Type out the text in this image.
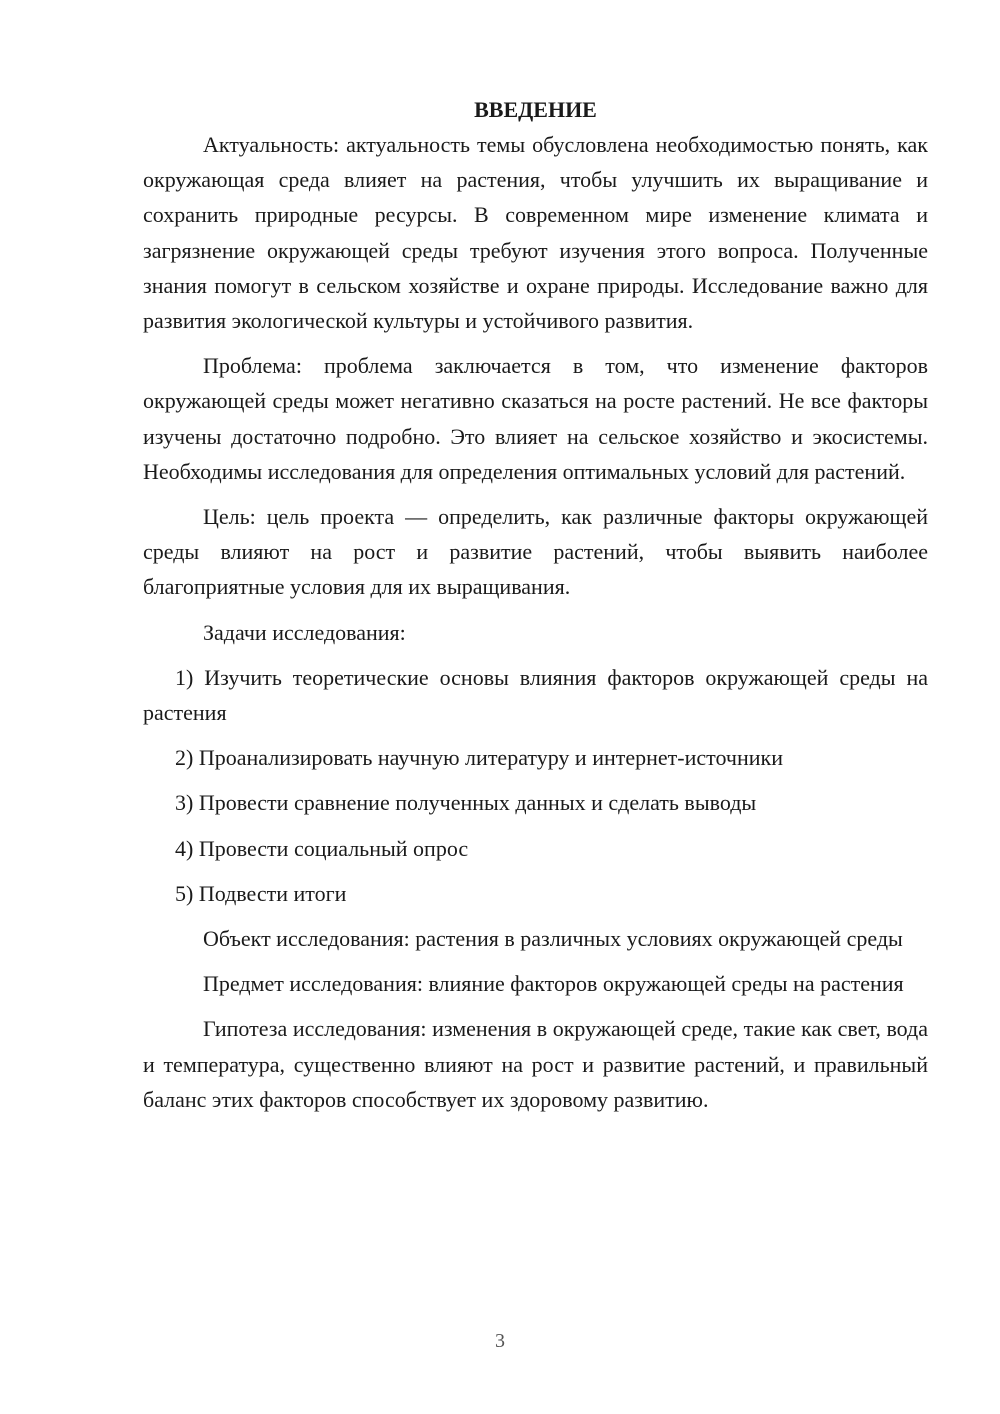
ВВЕДЕНИЕ

Актуальность: актуальность темы обусловлена необходимостью понять, как окружающая среда влияет на растения, чтобы улучшить их выращивание и сохранить природные ресурсы. В современном мире изменение климата и загрязнение окружающей среды требуют изучения этого вопроса. Полученные знания помогут в сельском хозяйстве и охране природы. Исследование важно для развития экологической культуры и устойчивого развития.

Проблема: проблема заключается в том, что изменение факторов окружающей среды может негативно сказаться на росте растений. Не все факторы изучены достаточно подробно. Это влияет на сельское хозяйство и экосистемы. Необходимы исследования для определения оптимальных условий для растений.

Цель: цель проекта — определить, как различные факторы окружающей среды влияют на рост и развитие растений, чтобы выявить наиболее благоприятные условия для их выращивания.

Задачи исследования:

1) Изучить теоретические основы влияния факторов окружающей среды на растения

2) Проанализировать научную литературу и интернет-источники

3) Провести сравнение полученных данных и сделать выводы

4) Провести социальный опрос

5) Подвести итоги

Объект исследования: растения в различных условиях окружающей среды

Предмет исследования: влияние факторов окружающей среды на растения

Гипотеза исследования: изменения в окружающей среде, такие как свет, вода и температура, существенно влияют на рост и развитие растений, и правильный баланс этих факторов способствует их здоровому развитию.

3
